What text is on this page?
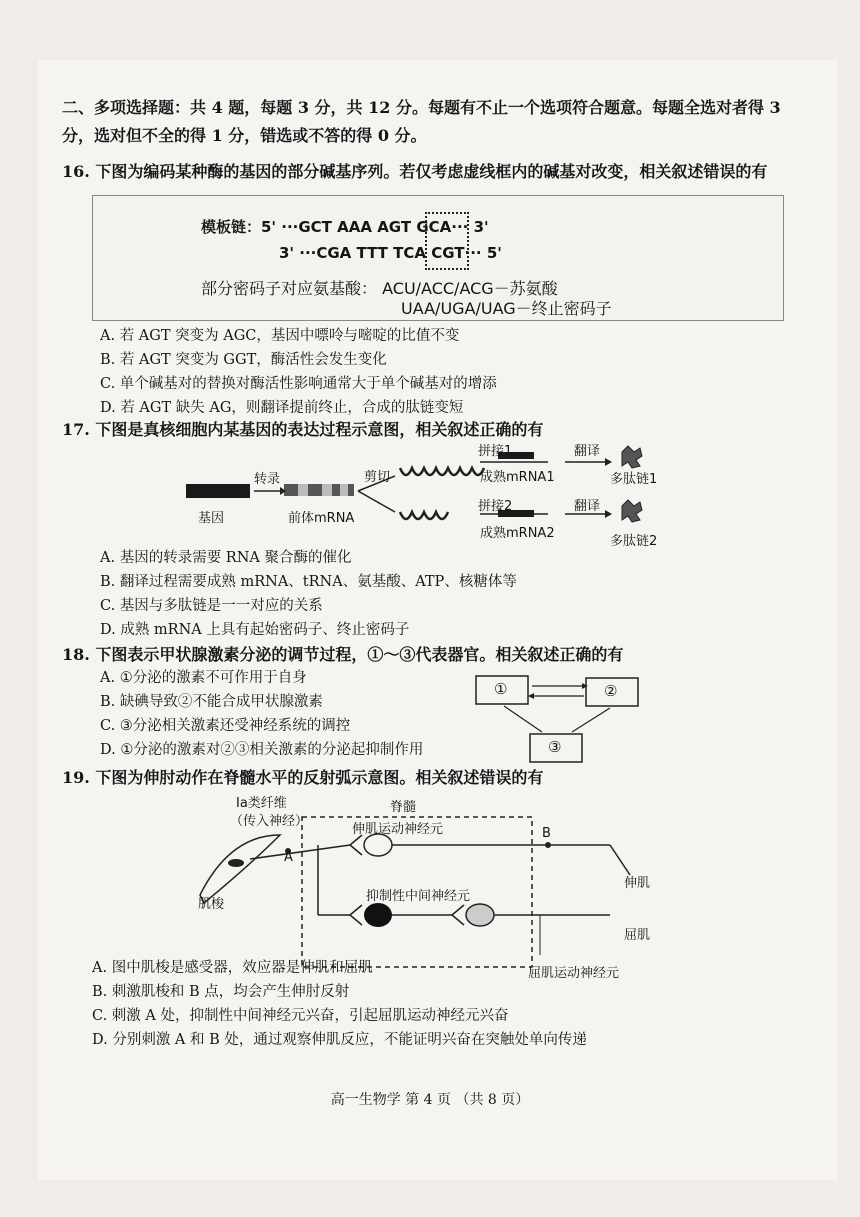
二、多项选择题：共 4 题，每题 3 分，共 12 分。每题有不止一个选项符合题意。每题全选对者得 3 分，选对但不全的得 1 分，错选或不答的得 0 分。
16. 下图为编码某种酶的基因的部分碱基序列。若仅考虑虚线框内的碱基对改变，相关叙述错误的有
模板链：5' ···GCT AAA AGT GCA··· 3'
3' ···CGA TTT TCA CGT··· 5'
部分密码子对应氨基酸： ACU/ACC/ACG－苏氨酸
UAA/UGA/UAG－终止密码子
A. 若 AGT 突变为 AGC，基因中嘌呤与嘧啶的比值不变
B. 若 AGT 突变为 GGT，酶活性会发生变化
C. 单个碱基对的替换对酶活性影响通常大于单个碱基对的增添
D. 若 AGT 缺失 AG，则翻译提前终止，合成的肽链变短
17. 下图是真核细胞内某基因的表达过程示意图，相关叙述正确的有
基因
转录
前体mRNA
剪切
拼接1
拼接2
成熟mRNA1
成熟mRNA2
翻译
翻译
多肽链1
多肽链2
A. 基因的转录需要 RNA 聚合酶的催化
B. 翻译过程需要成熟 mRNA、tRNA、氨基酸、ATP、核糖体等
C. 基因与多肽链是一一对应的关系
D. 成熟 mRNA 上具有起始密码子、终止密码子
18. 下图表示甲状腺激素分泌的调节过程，①～③代表器官。相关叙述正确的有
①	②
③
A. ①分泌的激素不可作用于自身
B. 缺碘导致②不能合成甲状腺激素
C. ③分泌相关激素还受神经系统的调控
D. ①分泌的激素对②③相关激素的分泌起抑制作用
19. 下图为伸肘动作在脊髓水平的反射弧示意图。相关叙述错误的有
Ia类纤维
（传入神经）
脊髓
伸肌运动神经元
抑制性中间神经元
肌梭
A
B
伸肌
屈肌
屈肌运动神经元
A. 图中肌梭是感受器，效应器是伸肌和屈肌
B. 刺激肌梭和 B 点，均会产生伸肘反射
C. 刺激 A 处，抑制性中间神经元兴奋，引起屈肌运动神经元兴奋
D. 分别刺激 A 和 B 处，通过观察伸肌反应，不能证明兴奋在突触处单向传递
高一生物学 第 4 页 （共 8 页）
